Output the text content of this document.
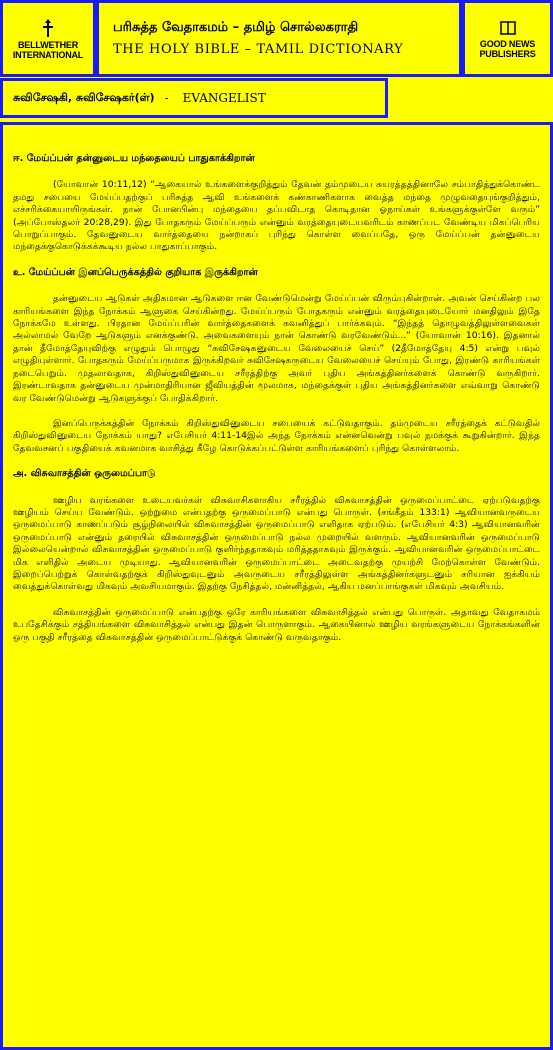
BELLWETHER INTERNATIONAL
பரிசுத்த வேதாகமம் – தமிழ் சொல்லகராதி
THE HOLY BIBLE – TAMIL DICTIONARY	GOOD NEWS PUBLISHERS
சுவிசேஷகி, சுவிசேஷகர்(ள்) - EVANGELIST
ஈ. மேய்ப்பன் தன்னுடைய மந்தையைப் பாதுகாக்கிறான்

(யோவான் 10:11,12) “ஆகையால் உங்களைக்குறித்தும் தேவன் தம்முடைய சுயரத்தத்தினாலே சம்பாதித்துக்கொண்ட தமது சபையை மேய்ப்பதற்குப் பரிசுத்த ஆவி உங்களைக் கண்காணிகளாக வைத்த மந்தை முழுவதையுங்குறித்தும், எச்சரிக்கையாயிருங்கள். நான் போனபின்பு மந்தையை தப்பவிடாத கொடிதான ஓநாய்கள் உங்களுக்குள்ளே வரும்” (அப்போஸ்தலர் 20:28,29). இது போதகரும் மேய்ப்பரும் என்னும் வரத்தையுடையவரிடம் காணப்பட வேண்டிய மிகப்பெரிய பொறுப்பாகும். தேவனுடைய வார்த்தையை நன்றாகப் புரிந்து கொள்ள வைப்பதே, ஒரு மேய்ப்பன் தன்னுடைய மந்தைக்குகொடுக்கக்கூடிய நல்ல பாதுகாப்பாகும்.

உ. மேய்ப்பன் இனப்பெருக்கத்தில் குறியாக இருக்கிறான்

தன்னுடைய ஆடுகள் அதிகமான ஆடுகளை ஈன வேண்டுமென்று மேய்ப்பன் விரும்புகின்றான். அவன் செய்கின்ற பல காரியங்களை இந்த நோக்கம் ஆளுகை செய்கின்றது. மேய்ப்பரும் போதகரும் என்னும் வரத்தையுடையோர் மனதிலும் இதே நோக்கமே உள்ளது. பிரதான மேய்ப்பரின் வார்த்தைகளைக் கவனித்துப் பார்க்கவும். “இந்தத் தொழுவத்திலுள்ளவைகள் அல்லாமல் வேறே ஆடுகளும் எனக்குண்டு. அவைகளையும் நான் கொண்டு வரவேண்டும்...” (யோவான் 10:16). இதனால் தான் தீமோத்தேயுவிற்கு எழுதும் பொழுது “சுவிசேஷகனுடைய வேலையைச் செய்” (2தீமோத்தேயு 4:5) என்று பவுல் எழுதியுள்ளார். போதகரும் மேய்ப்பருமாக இருக்கிறவர் சுவிசேஷகருடைய வேலையைச் செய்யும் போது, இரண்டு காரியங்கள் நடைபெறும். முதலாவதாக, கிறிஸ்துவினுடைய சரீரத்திற்கு அவர் புதிய அங்கத்தினர்களைக் கொண்டு வருகிறார். இரண்டாவதாக தன்னுடைய முன்மாதிரியான ஜீவியத்தின் மூலமாக, மந்தைக்குள் புதிய அங்கத்தினர்களை எவ்வாறு கொண்டு வர வேண்டுமென்று ஆடுகளுக்குப் போதிக்கிறார்.

இனப்பெருக்கத்தின் நோக்கம் கிறிஸ்துவினுடைய சபையைக் கட்டுவதாகும். தம்முடைய சரீரத்தைக் கட்டுவதில் கிறிஸ்துவினுடைய நோக்கம் யாது? எபேசியர் 4:11-14இல் அந்த நோக்கம் என்னவென்று பவுல் நமக்குக் கூறுகின்றார். இந்த தேவவசனப் பகுதியைக் கவனமாக வாசித்து கீழே கொடுக்கப்பட்டுள்ள காரியங்களைப் புரிந்து கொள்ளலாம்.

அ. விசுவாசத்தின் ஒருமைப்பாடு

ஊழிய வரங்களை உடையவர்கள் விசுவாசிகளாகிய சரீரத்தில் விசுவாசத்தின் ஒருமைப்பாட்டை ஏற்படுவதற்கு ஊழியம் செய்ய வேண்டும். ஒற்றுமை என்பதற்கு ஒருமைப்பாடு என்பது பொருள். (சங்கீதம் 133:1) ஆவியானவருடைய ஒருமைப்பாடு காணப்படும் சூழ்நிலையில் விசுவாசத்தின் ஒருமைப்பாடு எளிதாக ஏற்படும். (எபேசியர் 4:3) ஆவியானவரின் ஒருமைப்பாடு என்னும் தரையில் விசுவாசத்தின் ஒருமைப்பாடு நல்ல முறையில் வளரும். ஆவியானவரின் ஒருமைப்பாடு இல்லையென்றால் விசுவாசத்தின் ஒருமைப்பாடு குளிர்ந்ததாகவும் மரித்ததாகவும் இருக்கும். ஆவியானவரின் ஒருமைப்பாட்டை மிக எளிதில் அடைய முடியாது. ஆவியானவரின் ஒருமைப்பாட்டை அடைவதற்கு முயற்சி மேற்கொள்ள வேண்டும். இறைப்பெற்றுக் கொள்வதற்குக் கிறிஸ்துவுடனும் அவருடைய சரீரத்திலுள்ள அங்கத்தினர்களுடனும் சரியான ஐக்கியம் வைத்துக்கொள்வது மிகவும் அவசியமாகும். இதற்கு நேசித்தல், மன்னித்தல், ஆகிய மனப்பாங்குகள் மிகவும் அவசியம்.

விசுவாசத்தின் ஒருமைப்பாடு என்பதற்கு ஒரே காரியங்களை விசுவாசித்தல் என்பது பொருள். அதாவது வேதாகமம் உபதேசிக்கும் சத்தியங்களை விசுவாசித்தல் என்பது இதன் பொருளாகும். ஆகையினால் ஊழிய வரங்களுடைய நோக்கங்களின் ஒரு பகுதி சரீரத்தை விசுவாசத்தின் ஒருமைப்பாட்டுக்குக் கொண்டு வருவதாகும்.
